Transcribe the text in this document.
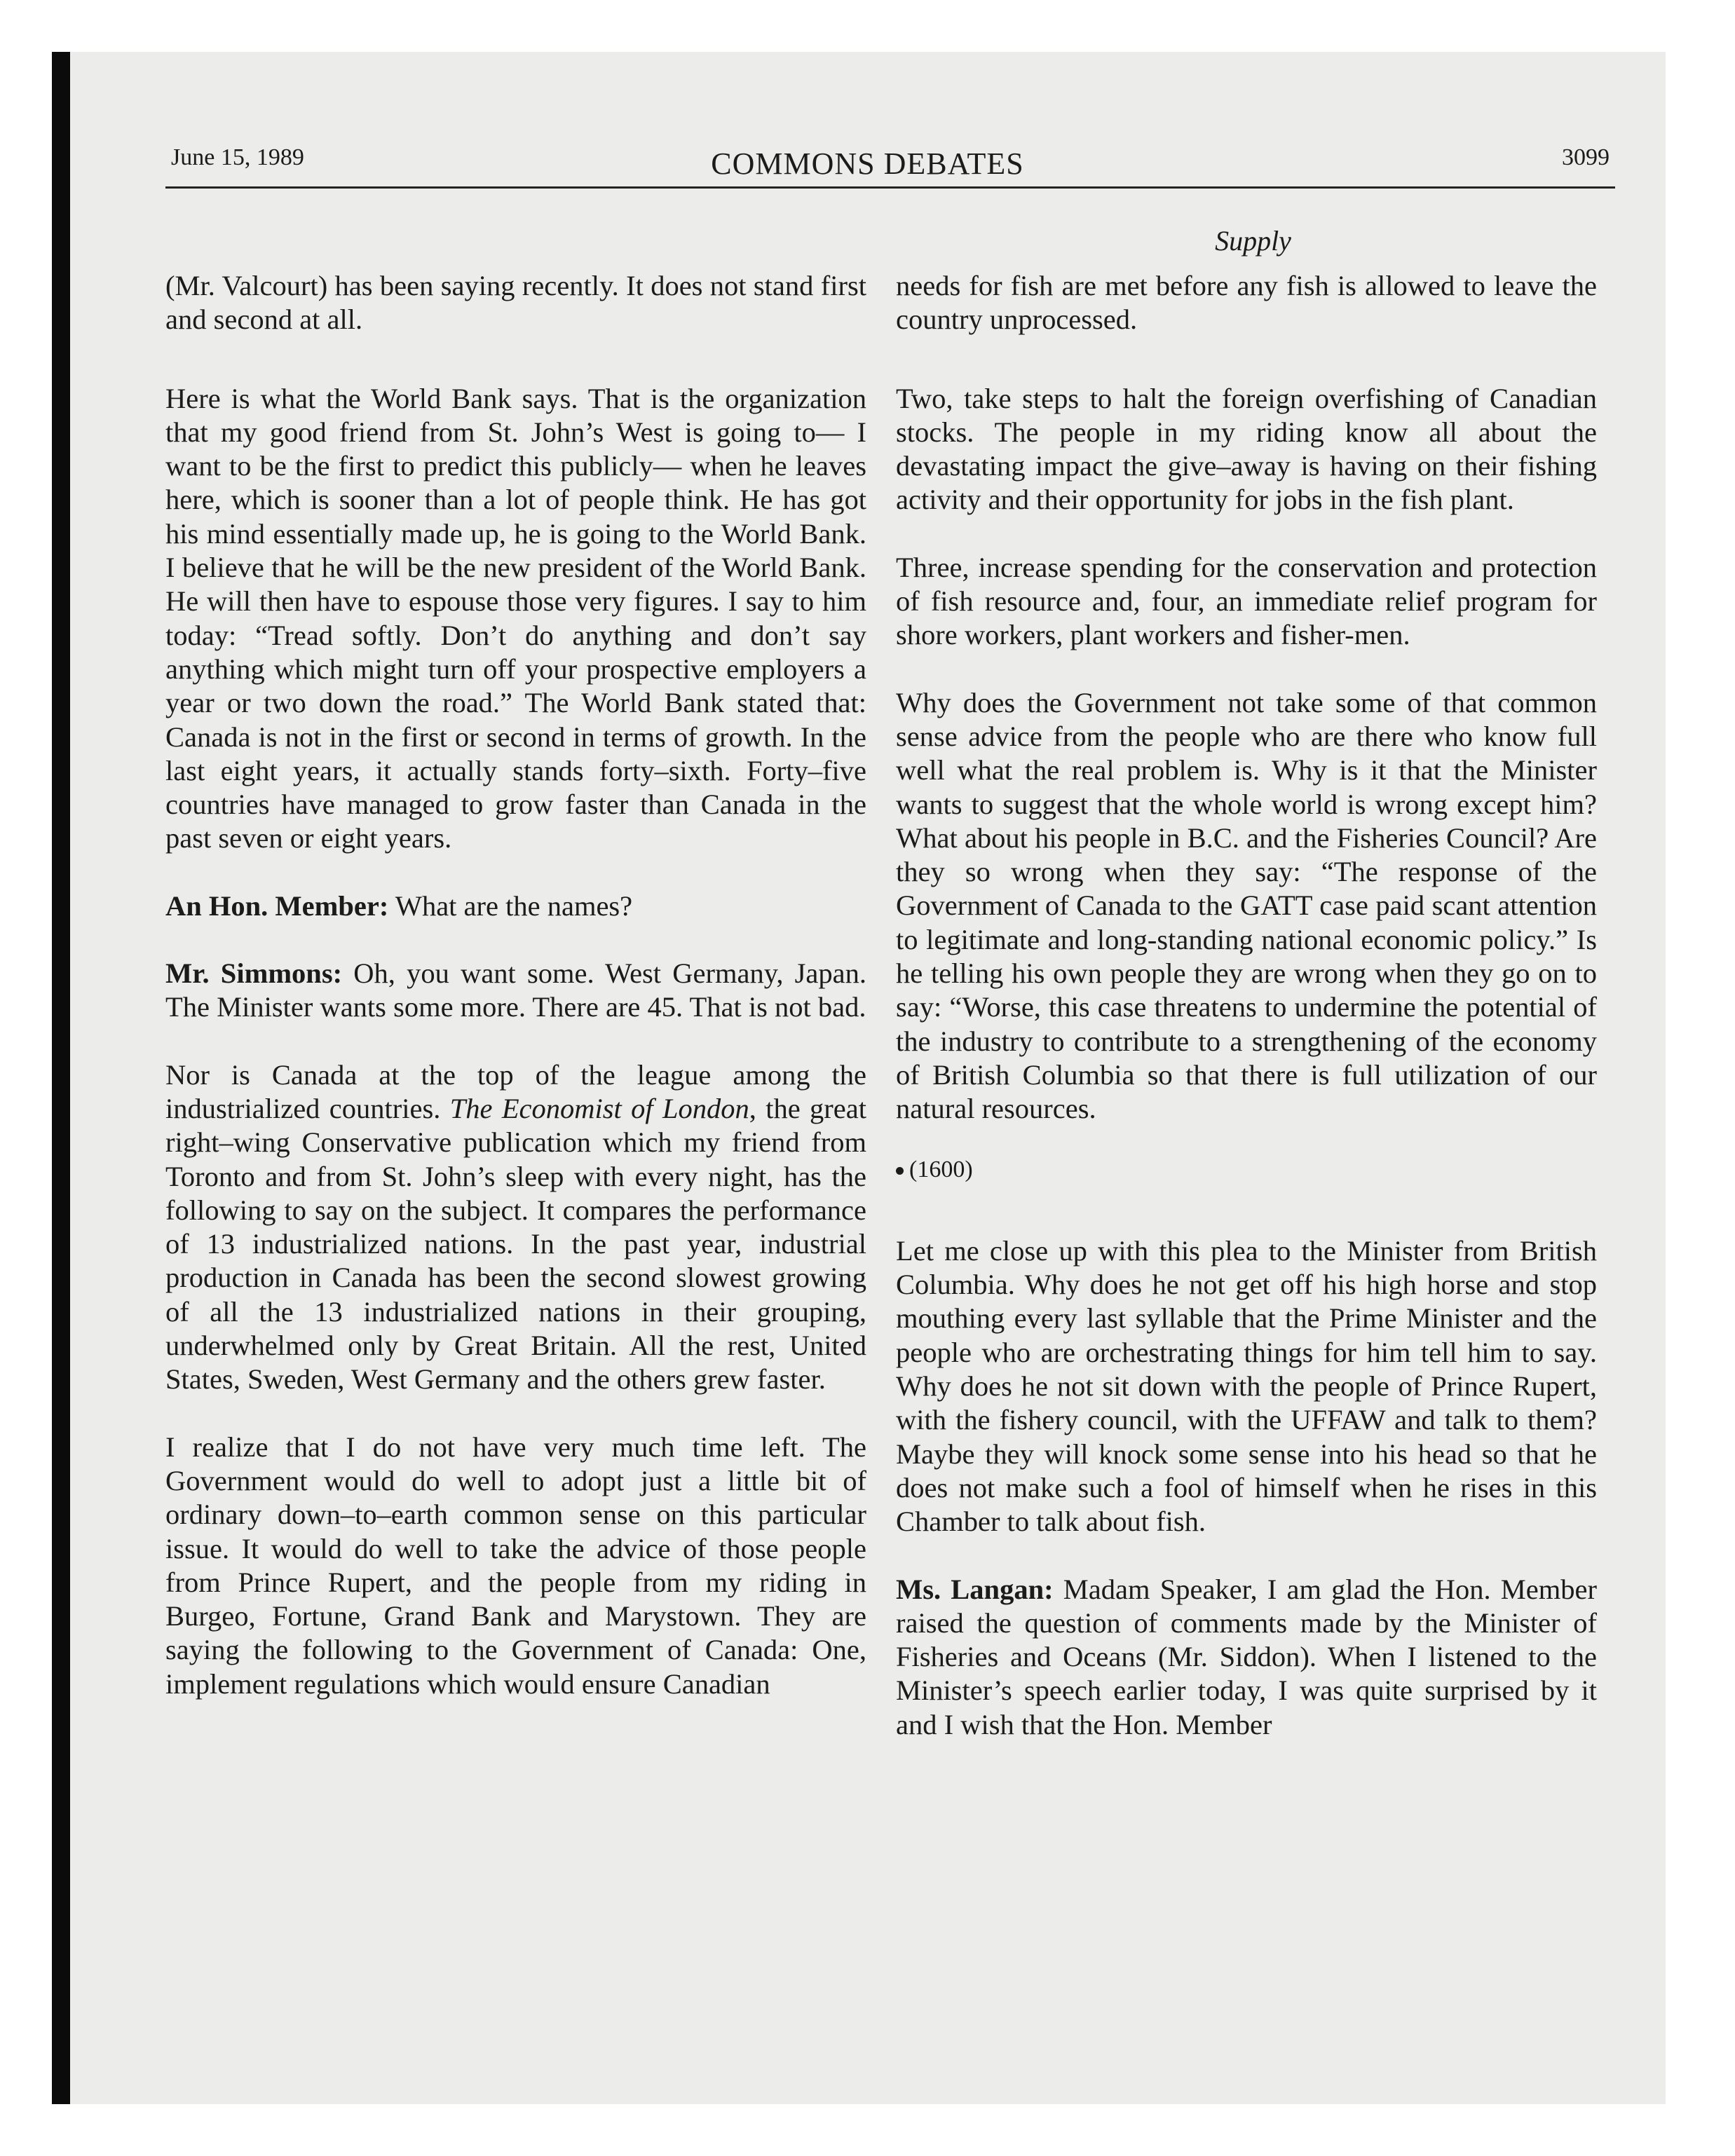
June 15, 1989	COMMONS DEBATES	3099
Supply

(Mr. Valcourt) has been saying recently. It does not stand first and second at all.

Here is what the World Bank says. That is the organization that my good friend from St. John’s West is going to— I want to be the first to predict this publicly— when he leaves here, which is sooner than a lot of people think. He has got his mind essentially made up, he is going to the World Bank. I believe that he will be the new president of the World Bank. He will then have to espouse those very figures. I say to him today: “Tread softly. Don’t do anything and don’t say anything which might turn off your prospective employers a year or two down the road.” The World Bank stated that: Canada is not in the first or second in terms of growth. In the last eight years, it actually stands forty–sixth. Forty–five countries have managed to grow faster than Canada in the past seven or eight years.

An Hon. Member: What are the names?

Mr. Simmons: Oh, you want some. West Germany, Japan. The Minister wants some more. There are 45. That is not bad.

Nor is Canada at the top of the league among the industrialized countries. The Economist of London, the great right–wing Conservative publication which my friend from Toronto and from St. John’s sleep with every night, has the following to say on the subject. It compares the performance of 13 industrialized nations. In the past year, industrial production in Canada has been the second slowest growing of all the 13 industrialized nations in their grouping, underwhelmed only by Great Britain. All the rest, United States, Sweden, West Germany and the others grew faster.

I realize that I do not have very much time left. The Government would do well to adopt just a little bit of ordinary down–to–earth common sense on this particular issue. It would do well to take the advice of those people from Prince Rupert, and the people from my riding in Burgeo, Fortune, Grand Bank and Marystown. They are saying the following to the Government of Canada: One, implement regulations which would ensure Canadian

needs for fish are met before any fish is allowed to leave the country unprocessed.

Two, take steps to halt the foreign overfishing of Canadian stocks. The people in my riding know all about the devastating impact the give–away is having on their fishing activity and their opportunity for jobs in the fish plant.

Three, increase spending for the conservation and protection of fish resource and, four, an immediate relief program for shore workers, plant workers and fisher-men.

Why does the Government not take some of that common sense advice from the people who are there who know full well what the real problem is. Why is it that the Minister wants to suggest that the whole world is wrong except him? What about his people in B.C. and the Fisheries Council? Are they so wrong when they say: “The response of the Government of Canada to the GATT case paid scant attention to legitimate and long-standing national economic policy.” Is he telling his own people they are wrong when they go on to say: “Worse, this case threatens to undermine the potential of the industry to contribute to a strengthening of the economy of British Columbia so that there is full utilization of our natural resources.

(1600)

Let me close up with this plea to the Minister from British Columbia. Why does he not get off his high horse and stop mouthing every last syllable that the Prime Minister and the people who are orchestrating things for him tell him to say. Why does he not sit down with the people of Prince Rupert, with the fishery council, with the UFFAW and talk to them? Maybe they will knock some sense into his head so that he does not make such a fool of himself when he rises in this Chamber to talk about fish.

Ms. Langan: Madam Speaker, I am glad the Hon. Member raised the question of comments made by the Minister of Fisheries and Oceans (Mr. Siddon). When I listened to the Minister’s speech earlier today, I was quite surprised by it and I wish that the Hon. Member
